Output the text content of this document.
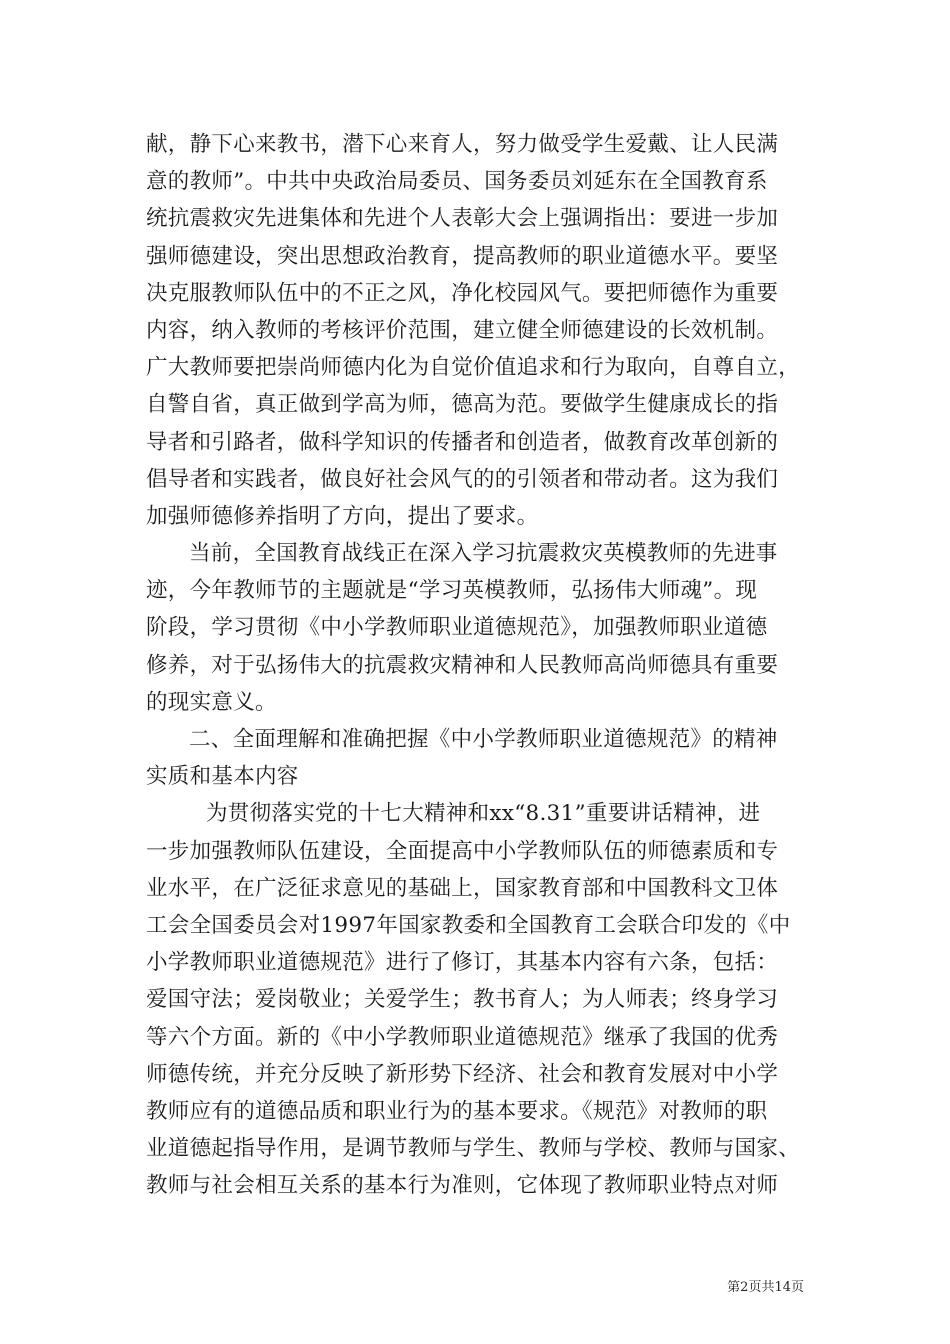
献，静下心来教书，潜下心来育人，努力做受学生爱戴、让人民满
意的教师”。中共中央政治局委员、国务委员刘延东在全国教育系
统抗震救灾先进集体和先进个人表彰大会上强调指出：要进一步加
强师德建设，突出思想政治教育，提高教师的职业道德水平。要坚
决克服教师队伍中的不正之风，净化校园风气。要把师德作为重要
内容，纳入教师的考核评价范围，建立健全师德建设的长效机制。
广大教师要把崇尚师德内化为自觉价值追求和行为取向，自尊自立，
自警自省，真正做到学高为师，德高为范。要做学生健康成长的指
导者和引路者，做科学知识的传播者和创造者，做教育改革创新的
倡导者和实践者，做良好社会风气的的引领者和带动者。这为我们
加强师德修养指明了方向，提出了要求。
当前，全国教育战线正在深入学习抗震救灾英模教师的先进事
迹，今年教师节的主题就是“学习英模教师，弘扬伟大师魂”。现
阶段，学习贯彻《中小学教师职业道德规范》，加强教师职业道德
修养，对于弘扬伟大的抗震救灾精神和人民教师高尚师德具有重要
的现实意义。
二、全面理解和准确把握《中小学教师职业道德规范》的精神
实质和基本内容
为贯彻落实党的十七大精神和xx“8.31”重要讲话精神，进
一步加强教师队伍建设，全面提高中小学教师队伍的师德素质和专
业水平，在广泛征求意见的基础上，国家教育部和中国教科文卫体
工会全国委员会对1997年国家教委和全国教育工会联合印发的《中
小学教师职业道德规范》进行了修订，其基本内容有六条，包括：
爱国守法；爱岗敬业；关爱学生；教书育人；为人师表；终身学习
等六个方面。新的《中小学教师职业道德规范》继承了我国的优秀
师德传统，并充分反映了新形势下经济、社会和教育发展对中小学
教师应有的道德品质和职业行为的基本要求。《规范》对教师的职
业道德起指导作用，是调节教师与学生、教师与学校、教师与国家、
教师与社会相互关系的基本行为准则，它体现了教师职业特点对师
第2页共14页
